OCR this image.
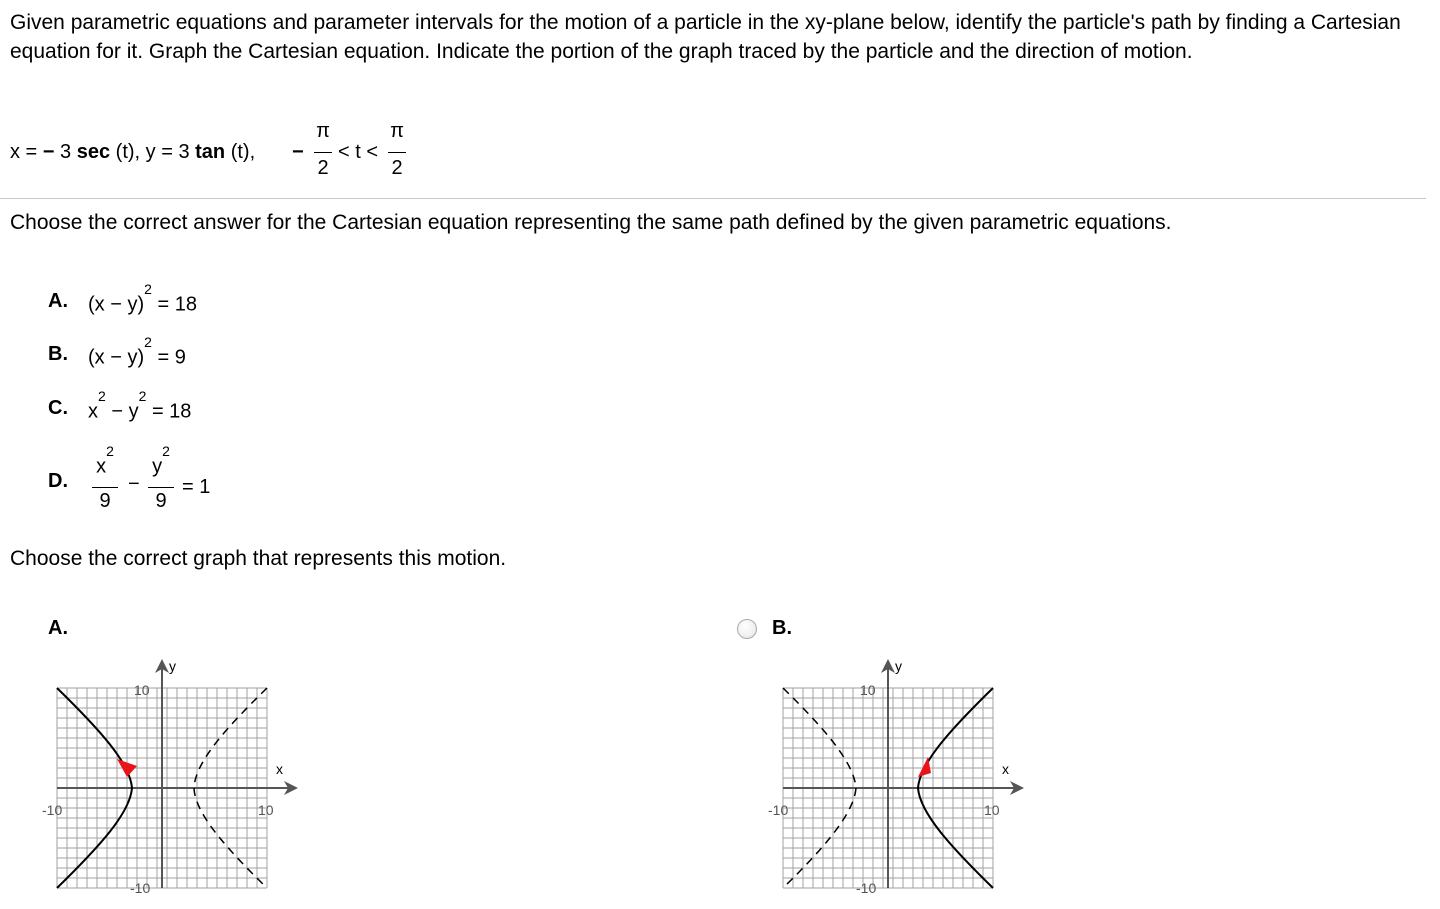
Given parametric equations and parameter intervals for the motion of a particle in the xy-plane below, identify the particle's path by finding a Cartesian equation for it. Graph the Cartesian equation. Indicate the portion of the graph traced by the particle and the direction of motion.
x = − 3 sec (t), y = 3 tan (t), −
π
2
< t <
π
2
Choose the correct answer for the Cartesian equation representing the same path defined by the given parametric equations.
A. $(x - y)^2 = 18$
B. $(x - y)^2 = 9$
C. $x^2 - y^2 = 18$
D.
$x^2$
9
−
$y^2$
9
= 1
Choose the correct graph that represents this motion.
A.
y
x
10
-10
-10	10
B.
y
x
10
-10
-10	10
